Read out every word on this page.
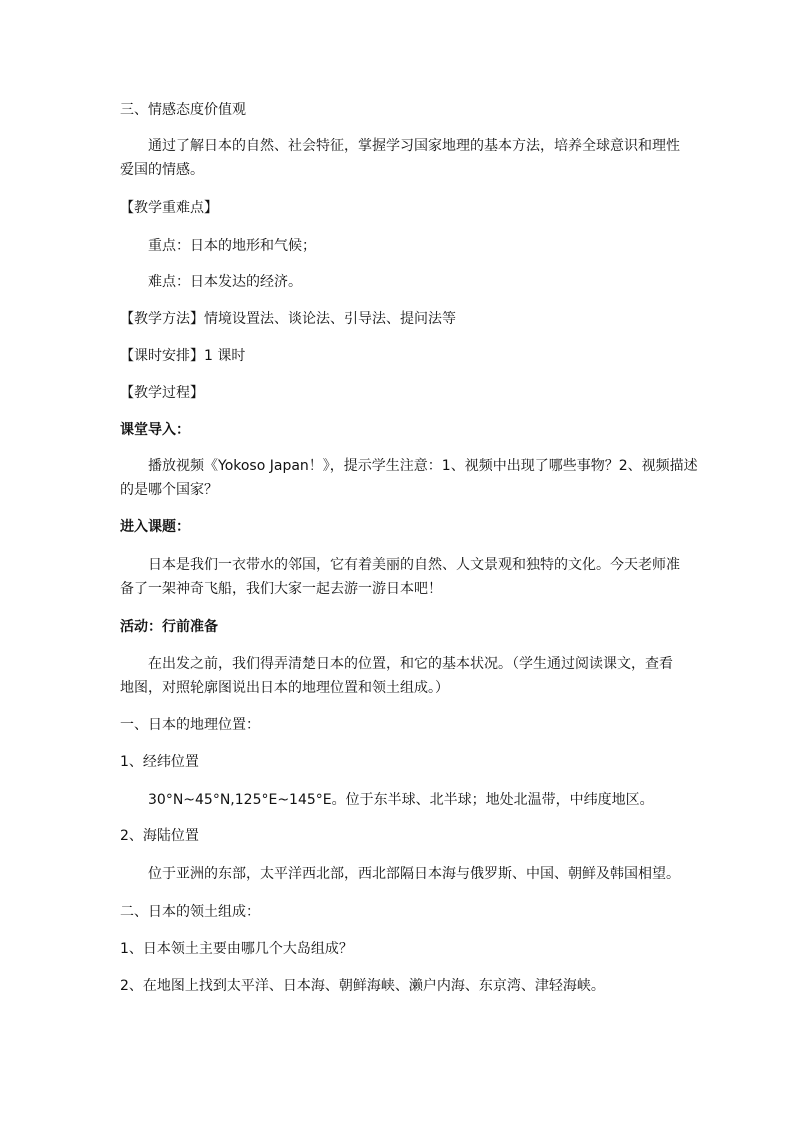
三、情感态度价值观
通过了解日本的自然、社会特征，掌握学习国家地理的基本方法，培养全球意识和理性
爱国的情感。
【教学重难点】
重点：日本的地形和气候；
难点：日本发达的经济。
【教学方法】情境设置法、谈论法、引导法、提问法等
【课时安排】1 课时
【教学过程】
课堂导入：
播放视频《Yokoso Japan！》，提示学生注意：1、视频中出现了哪些事物？2、视频描述
的是哪个国家？
进入课题：
日本是我们一衣带水的邻国，它有着美丽的自然、人文景观和独特的文化。今天老师准
备了一架神奇飞船，我们大家一起去游一游日本吧！
活动：行前准备
在出发之前，我们得弄清楚日本的位置，和它的基本状况。（学生通过阅读课文，查看
地图，对照轮廓图说出日本的地理位置和领土组成。）
一、日本的地理位置：
1、经纬位置
30°N~45°N,125°E~145°E。位于东半球、北半球；地处北温带，中纬度地区。
2、海陆位置
位于亚洲的东部，太平洋西北部，西北部隔日本海与俄罗斯、中国、朝鲜及韩国相望。
二、日本的领土组成：
1、日本领土主要由哪几个大岛组成？
2、在地图上找到太平洋、日本海、朝鲜海峡、濑户内海、东京湾、津轻海峡。
